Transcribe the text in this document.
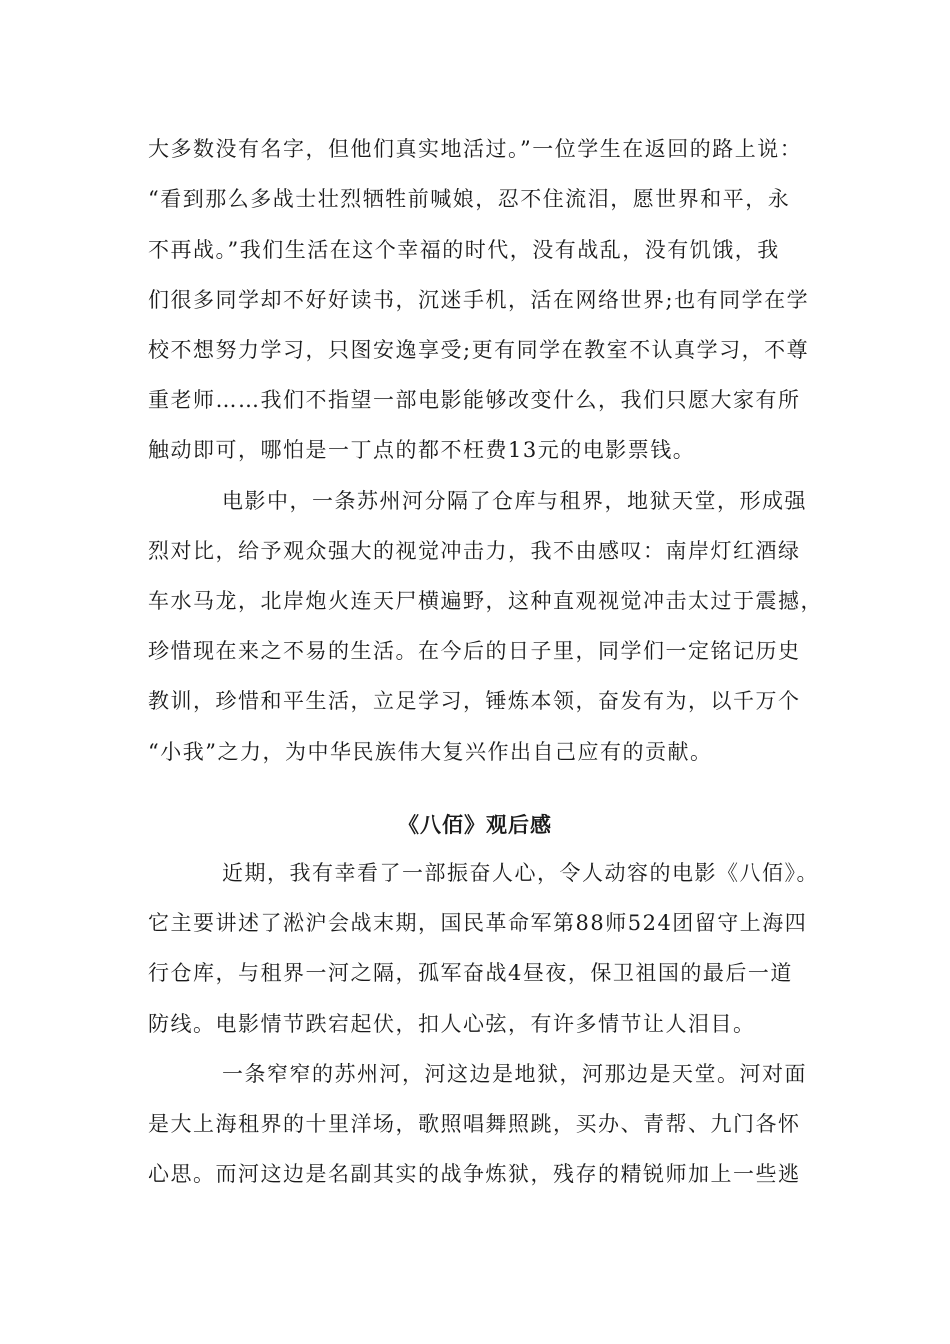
大多数没有名字，但他们真实地活过。”一位学生在返回的路上说：
“看到那么多战士壮烈牺牲前喊娘，忍不住流泪，愿世界和平，永
不再战。”我们生活在这个幸福的时代，没有战乱，没有饥饿，我
们很多同学却不好好读书，沉迷手机，活在网络世界;也有同学在学
校不想努力学习，只图安逸享受;更有同学在教室不认真学习，不尊
重老师……我们不指望一部电影能够改变什么，我们只愿大家有所
触动即可，哪怕是一丁点的都不枉费13元的电影票钱。
电影中，一条苏州河分隔了仓库与租界，地狱天堂，形成强
烈对比，给予观众强大的视觉冲击力，我不由感叹：南岸灯红酒绿
车水马龙，北岸炮火连天尸横遍野，这种直观视觉冲击太过于震撼，
珍惜现在来之不易的生活。在今后的日子里，同学们一定铭记历史
教训，珍惜和平生活，立足学习，锤炼本领，奋发有为，以千万个
“小我”之力，为中华民族伟大复兴作出自己应有的贡献。
《八佰》观后感
近期，我有幸看了一部振奋人心，令人动容的电影《八佰》。
它主要讲述了淞沪会战末期，国民革命军第88师524团留守上海四
行仓库，与租界一河之隔，孤军奋战4昼夜，保卫祖国的最后一道
防线。电影情节跌宕起伏，扣人心弦，有许多情节让人泪目。
一条窄窄的苏州河，河这边是地狱，河那边是天堂。河对面
是大上海租界的十里洋场，歌照唱舞照跳，买办、青帮、九门各怀
心思。而河这边是名副其实的战争炼狱，残存的精锐师加上一些逃
